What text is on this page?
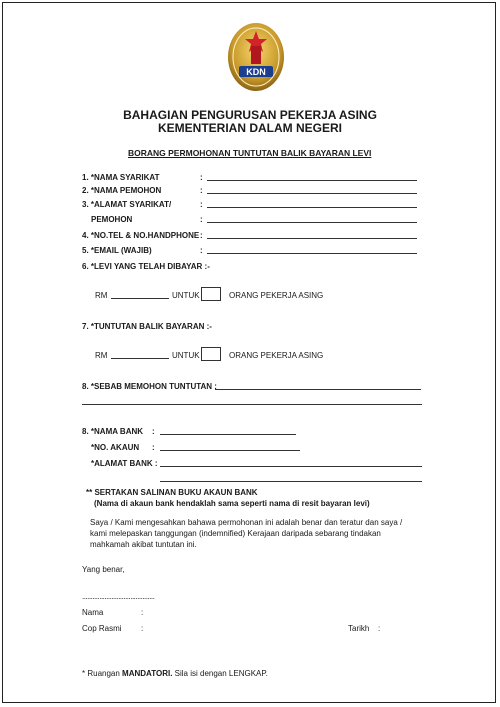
KDN
BAHAGIAN PENGURUSAN PEKERJA ASING
KEMENTERIAN DALAM NEGERI
BORANG PERMOHONAN TUNTUTAN BALIK BAYARAN LEVI
1. *NAMA SYARIKAT	:
2. *NAMA PEMOHON	:
3. *ALAMAT SYARIKAT/	:
PEMOHON	:
4. *NO.TEL & NO.HANDPHONE :
5. *EMAIL (WAJIB)	:
6. *LEVI YANG TELAH DIBAYAR :-
RM	UNTUK	ORANG PEKERJA ASING
7. *TUNTUTAN BALIK BAYARAN :-
RM	UNTUK	ORANG PEKERJA ASING
8. *SEBAB MEMOHON TUNTUTAN :
8. *NAMA BANK :
*NO. AKAUN :
*ALAMAT BANK :
** SERTAKAN SALINAN BUKU AKAUN BANK
(Nama di akaun bank hendaklah sama seperti nama di resit bayaran levi)
Saya / Kami mengesahkan bahawa permohonan ini adalah benar dan teratur dan saya /
kami melepaskan tanggungan (indemnified) Kerajaan daripada sebarang tindakan
mahkamah akibat tuntutan ini.
Yang benar,
..........................................
Nama	:
Cop Rasmi :	Tarikh :
* Ruangan MANDATORI. Sila isi dengan LENGKAP.
